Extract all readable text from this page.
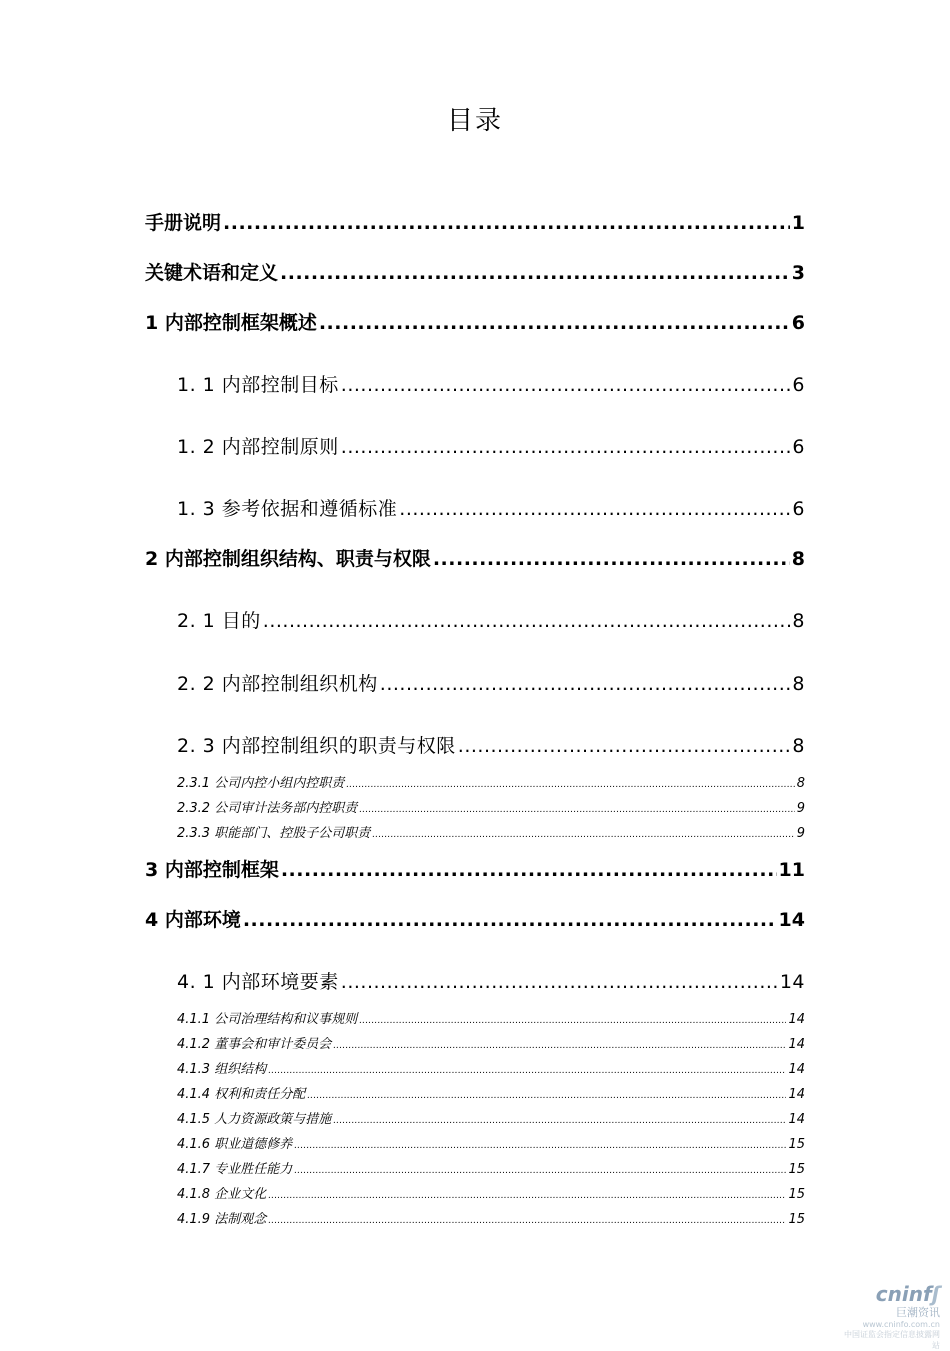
目录
手册说明 .....	1
关键术语和定义 .....	3
1 内部控制框架概述 .....	6
1. 1 内部控制目标 .....	6
1. 2 内部控制原则 .....	6
1. 3 参考依据和遵循标准 .....	6
2 内部控制组织结构、职责与权限 .....	8
2. 1 目的 .....	8
2. 2 内部控制组织机构 .....	8
2. 3 内部控制组织的职责与权限 .....	8
2.3.1 公司内控小组内控职责 .....	8
2.3.2 公司审计法务部内控职责 .....	9
2.3.3 职能部门、控股子公司职责 .....	9
3 内部控制框架 .....	11
4 内部环境 .....	14
4. 1 内部环境要素 .....	14
4.1.1 公司治理结构和议事规则 .....	14
4.1.2 董事会和审计委员会 .....	14
4.1.3 组织结构 .....	14
4.1.4 权利和责任分配 .....	14
4.1.5 人力资源政策与措施 .....	14
4.1.6 职业道德修养 .....	15
4.1.7 专业胜任能力 .....	15
4.1.8 企业文化 .....	15
4.1.9 法制观念 .....	15
cninfʃ
巨潮资讯
www.cninfo.com.cn
中国证监会指定信息披露网站
